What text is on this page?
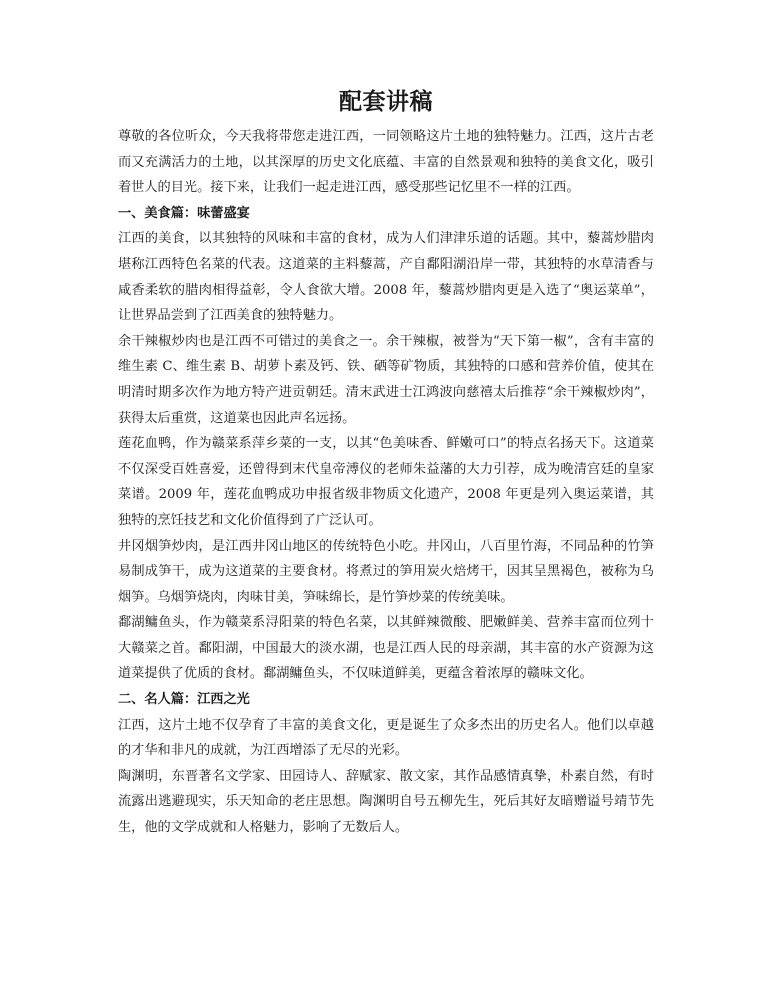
配套讲稿

尊敬的各位听众，今天我将带您走进江西，一同领略这片土地的独特魅力。江西，这片古老而又充满活力的土地，以其深厚的历史文化底蕴、丰富的自然景观和独特的美食文化，吸引着世人的目光。接下来，让我们一起走进江西，感受那些记忆里不一样的江西。

一、美食篇：味蕾盛宴

江西的美食，以其独特的风味和丰富的食材，成为人们津津乐道的话题。其中，藜蒿炒腊肉堪称江西特色名菜的代表。这道菜的主料藜蒿，产自鄱阳湖沿岸一带，其独特的水草清香与咸香柔软的腊肉相得益彰，令人食欲大增。2008 年，藜蒿炒腊肉更是入选了“奥运菜单”，让世界品尝到了江西美食的独特魅力。

余干辣椒炒肉也是江西不可错过的美食之一。余干辣椒，被誉为“天下第一椒”，含有丰富的维生素 C、维生素 B、胡萝卜素及钙、铁、硒等矿物质，其独特的口感和营养价值，使其在明清时期多次作为地方特产进贡朝廷。清末武进士江鸿波向慈禧太后推荐“余干辣椒炒肉”，获得太后重赏，这道菜也因此声名远扬。

莲花血鸭，作为赣菜系萍乡菜的一支，以其“色美味香、鲜嫩可口”的特点名扬天下。这道菜不仅深受百姓喜爱，还曾得到末代皇帝溥仪的老师朱益藩的大力引荐，成为晚清宫廷的皇家菜谱。2009 年，莲花血鸭成功申报省级非物质文化遗产，2008 年更是列入奥运菜谱，其独特的烹饪技艺和文化价值得到了广泛认可。

井冈烟笋炒肉，是江西井冈山地区的传统特色小吃。井冈山，八百里竹海，不同品种的竹笋易制成笋干，成为这道菜的主要食材。将煮过的笋用炭火焙烤干，因其呈黑褐色，被称为乌烟笋。乌烟笋烧肉，肉味甘美，笋味绵长，是竹笋炒菜的传统美味。

鄱湖鳙鱼头，作为赣菜系浔阳菜的特色名菜，以其鲜辣微酸、肥嫩鲜美、营养丰富而位列十大赣菜之首。鄱阳湖，中国最大的淡水湖，也是江西人民的母亲湖，其丰富的水产资源为这道菜提供了优质的食材。鄱湖鳙鱼头，不仅味道鲜美，更蕴含着浓厚的赣味文化。

二、名人篇：江西之光

江西，这片土地不仅孕育了丰富的美食文化，更是诞生了众多杰出的历史名人。他们以卓越的才华和非凡的成就，为江西增添了无尽的光彩。

陶渊明，东晋著名文学家、田园诗人、辞赋家、散文家，其作品感情真挚，朴素自然，有时流露出逃避现实，乐天知命的老庄思想。陶渊明自号五柳先生，死后其好友暗赠谥号靖节先生，他的文学成就和人格魅力，影响了无数后人。
